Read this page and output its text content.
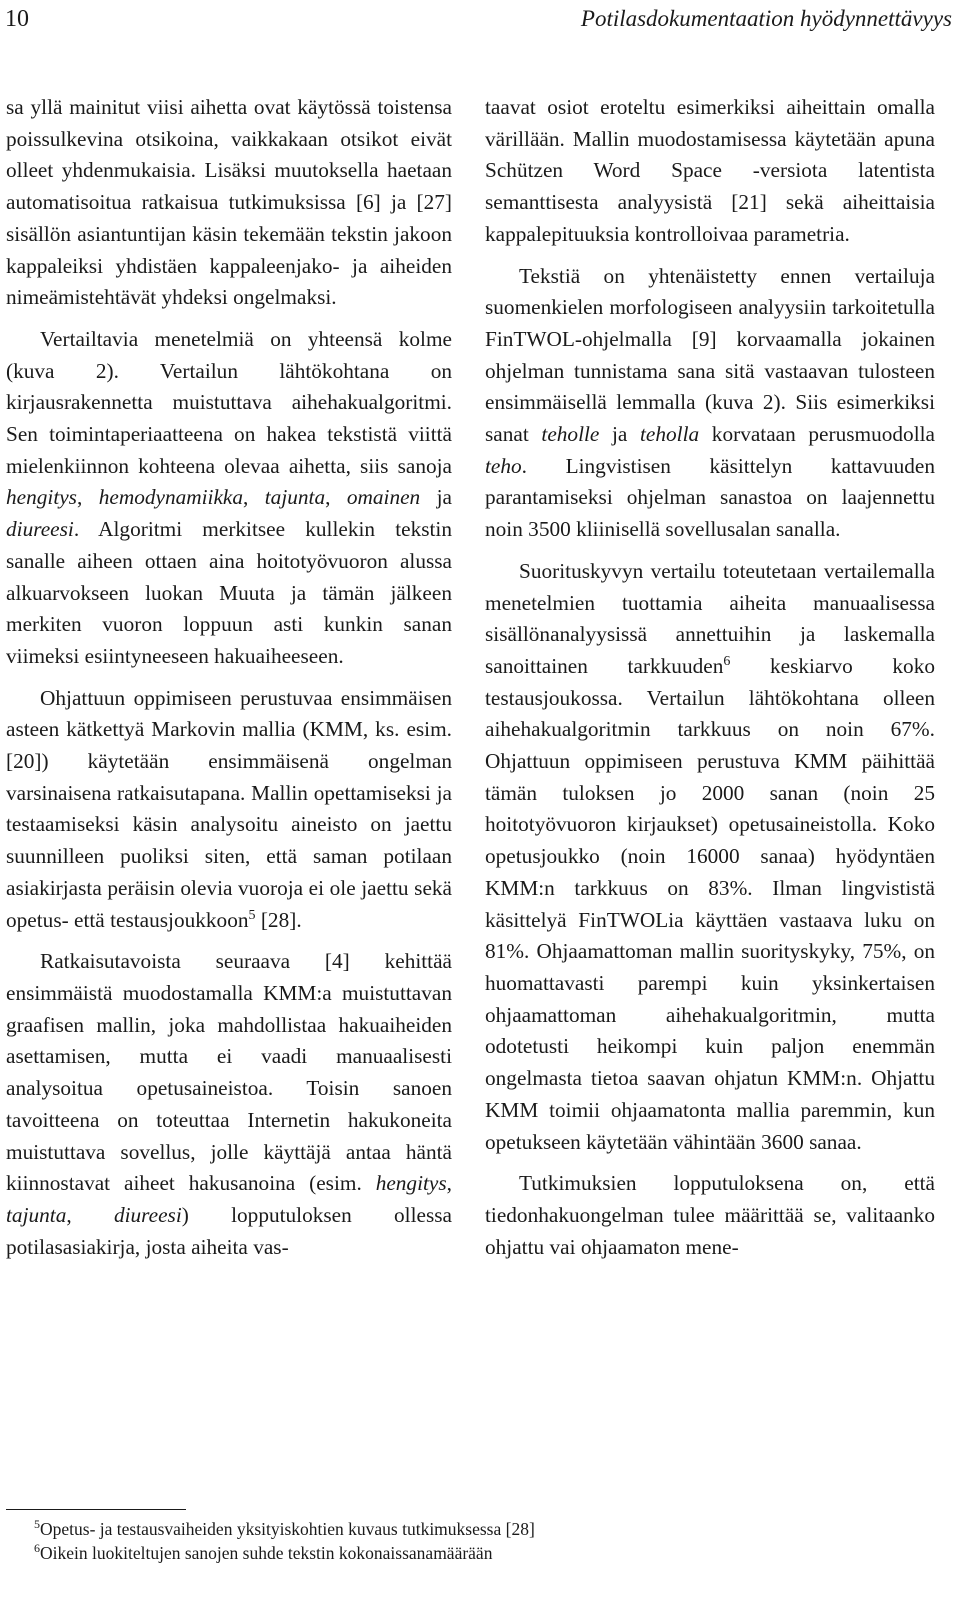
10	Potilasdokumentaation hyödynnettävyys

sa yllä mainitut viisi aihetta ovat käytössä toistensa poissulkevina otsikoina, vaikkakaan otsikot eivät olleet yhdenmukaisia. Lisäksi muutoksella haetaan automatisoitua ratkaisua tutkimuksissa [6] ja [27] sisällön asiantuntijan käsin tekemään tekstin jakoon kappaleiksi yhdistäen kappaleenjako- ja aiheiden nimeämistehtävät yhdeksi ongelmaksi.

Vertailtavia menetelmiä on yhteensä kolme (kuva 2). Vertailun lähtökohtana on kirjausrakennetta muistuttava aihehakualgoritmi. Sen toimintaperiaatteena on hakea tekstistä viittä mielenkiinnon kohteena olevaa aihetta, siis sanoja hengitys, hemodynamiikka, tajunta, omainen ja diureesi. Algoritmi merkitsee kullekin tekstin sanalle aiheen ottaen aina hoitotyövuoron alussa alkuarvokseen luokan Muuta ja tämän jälkeen merkiten vuoron loppuun asti kunkin sanan viimeksi esiintyneeseen hakuaiheeseen.

Ohjattuun oppimiseen perustuvaa ensimmäisen asteen kätkettyä Markovin mallia (KMM, ks. esim. [20]) käytetään ensimmäisenä ongelman varsinaisena ratkaisutapana. Mallin opettamiseksi ja testaamiseksi käsin analysoitu aineisto on jaettu suunnilleen puoliksi siten, että saman potilaan asiakirjasta peräisin olevia vuoroja ei ole jaettu sekä opetus- että testausjoukkoon$^5$ [28].

Ratkaisutavoista seuraava [4] kehittää ensimmäistä muodostamalla KMM:a muistuttavan graafisen mallin, joka mahdollistaa hakuaiheiden asettamisen, mutta ei vaadi manuaalisesti analysoitua opetusaineistoa. Toisin sanoen tavoitteena on toteuttaa Internetin hakukoneita muistuttava sovellus, jolle käyttäjä antaa häntä kiinnostavat aiheet hakusanoina (esim. hengitys, tajunta, diureesi) lopputuloksen ollessa potilasasiakirja, josta aiheita vas-

taavat osiot eroteltu esimerkiksi aiheittain omalla värillään. Mallin muodostamisessa käytetään apuna Schützen Word Space -versiota latentista semanttisesta analyysistä [21] sekä aiheittaisia kappalepituuksia kontrolloivaa parametria.

Tekstiä on yhtenäistetty ennen vertailuja suomenkielen morfologiseen analyysiin tarkoitetulla FinTWOL-ohjelmalla [9] korvaamalla jokainen ohjelman tunnistama sana sitä vastaavan tulosteen ensimmäisellä lemmalla (kuva 2). Siis esimerkiksi sanat teholle ja teholla korvataan perusmuodolla teho. Lingvistisen käsittelyn kattavuuden parantamiseksi ohjelman sanastoa on laajennettu noin 3500 kliinisellä sovellusalan sanalla.

Suorituskyvyn vertailu toteutetaan vertailemalla menetelmien tuottamia aiheita manuaalisessa sisällönanalyysissä annettuihin ja laskemalla sanoittainen tarkkuuden$^6$ keskiarvo koko testausjoukossa. Vertailun lähtökohtana olleen aihehakualgoritmin tarkkuus on noin 67%. Ohjattuun oppimiseen perustuva KMM päihittää tämän tuloksen jo 2000 sanan (noin 25 hoitotyövuoron kirjaukset) opetusaineistolla. Koko opetusjoukko (noin 16000 sanaa) hyödyntäen KMM:n tarkkuus on 83%. Ilman lingvististä käsittelyä FinTWOLia käyttäen vastaava luku on 81%. Ohjaamattoman mallin suorityskyky, 75%, on huomattavasti parempi kuin yksinkertaisen ohjaamattoman aihehakualgoritmin, mutta odotetusti heikompi kuin paljon enemmän ongelmasta tietoa saavan ohjatun KMM:n. Ohjattu KMM toimii ohjaamatonta mallia paremmin, kun opetukseen käytetään vähintään 3600 sanaa.

Tutkimuksien lopputuloksena on, että tiedonhakuongelman tulee määrittää se, valitaanko ohjattu vai ohjaamaton mene-

$^5$Opetus- ja testausvaiheiden yksityiskohtien kuvaus tutkimuksessa [28]
$^6$Oikein luokiteltujen sanojen suhde tekstin kokonaissanamäärään
